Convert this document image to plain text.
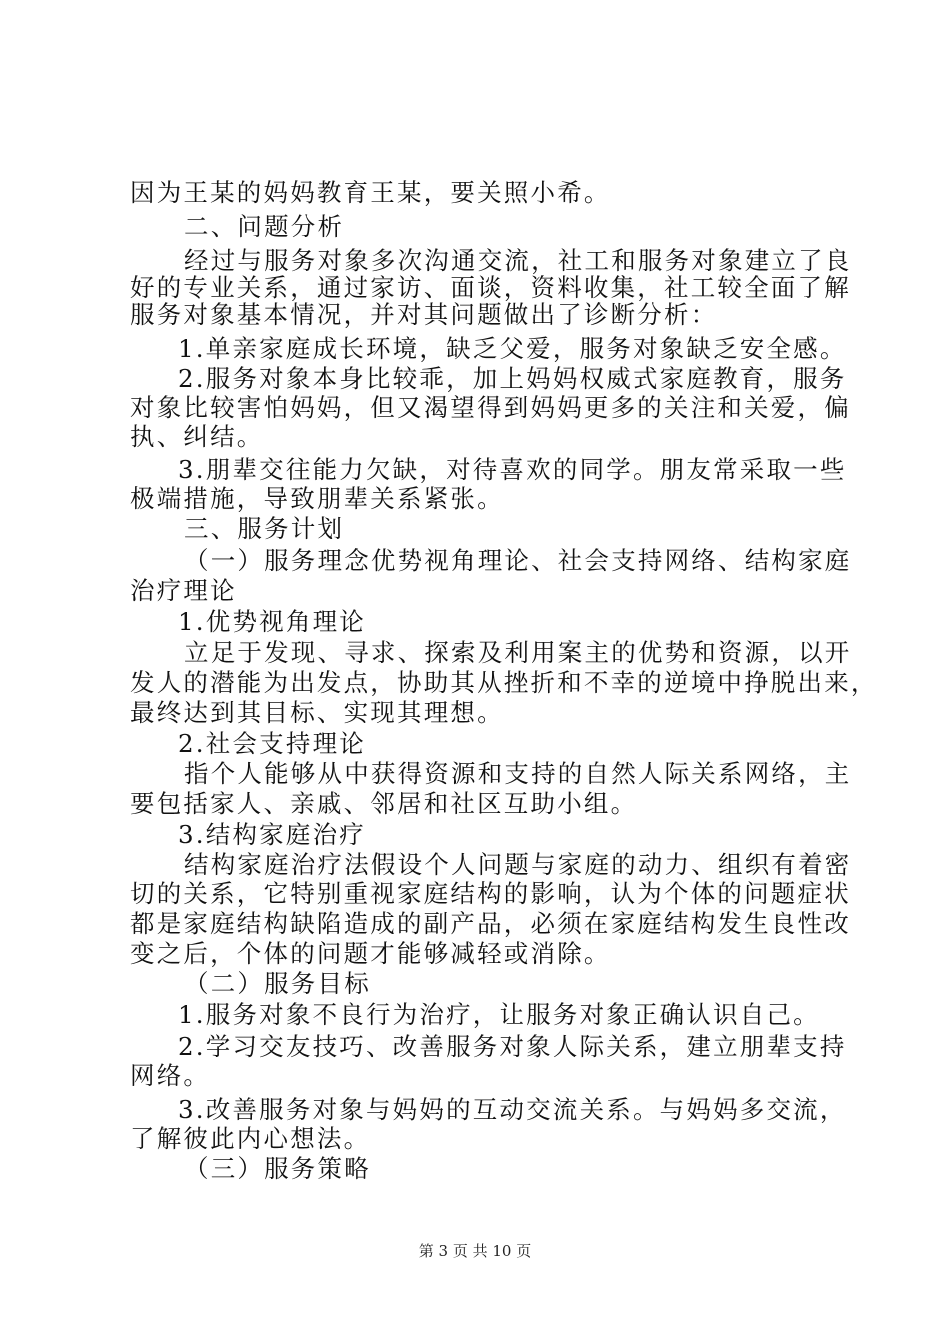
因为王某的妈妈教育王某，要关照小希。
二、问题分析
经过与服务对象多次沟通交流，社工和服务对象建立了良
好的专业关系，通过家访、面谈，资料收集，社工较全面了解
服务对象基本情况，并对其问题做出了诊断分析：
1.单亲家庭成长环境，缺乏父爱，服务对象缺乏安全感。
2.服务对象本身比较乖，加上妈妈权威式家庭教育，服务
对象比较害怕妈妈，但又渴望得到妈妈更多的关注和关爱，偏
执、纠结。
3.朋辈交往能力欠缺，对待喜欢的同学。朋友常采取一些
极端措施，导致朋辈关系紧张。
三、服务计划
（一）服务理念优势视角理论、社会支持网络、结构家庭
治疗理论
1.优势视角理论
立足于发现、寻求、探索及利用案主的优势和资源，以开
发人的潜能为出发点，协助其从挫折和不幸的逆境中挣脱出来，
最终达到其目标、实现其理想。
2.社会支持理论
指个人能够从中获得资源和支持的自然人际关系网络，主
要包括家人、亲戚、邻居和社区互助小组。
3.结构家庭治疗
结构家庭治疗法假设个人问题与家庭的动力、组织有着密
切的关系，它特别重视家庭结构的影响，认为个体的问题症状
都是家庭结构缺陷造成的副产品，必须在家庭结构发生良性改
变之后，个体的问题才能够减轻或消除。
（二）服务目标
1.服务对象不良行为治疗，让服务对象正确认识自己。
2.学习交友技巧、改善服务对象人际关系，建立朋辈支持
网络。
3.改善服务对象与妈妈的互动交流关系。与妈妈多交流，
了解彼此内心想法。
（三）服务策略
第 3 页 共 10 页
